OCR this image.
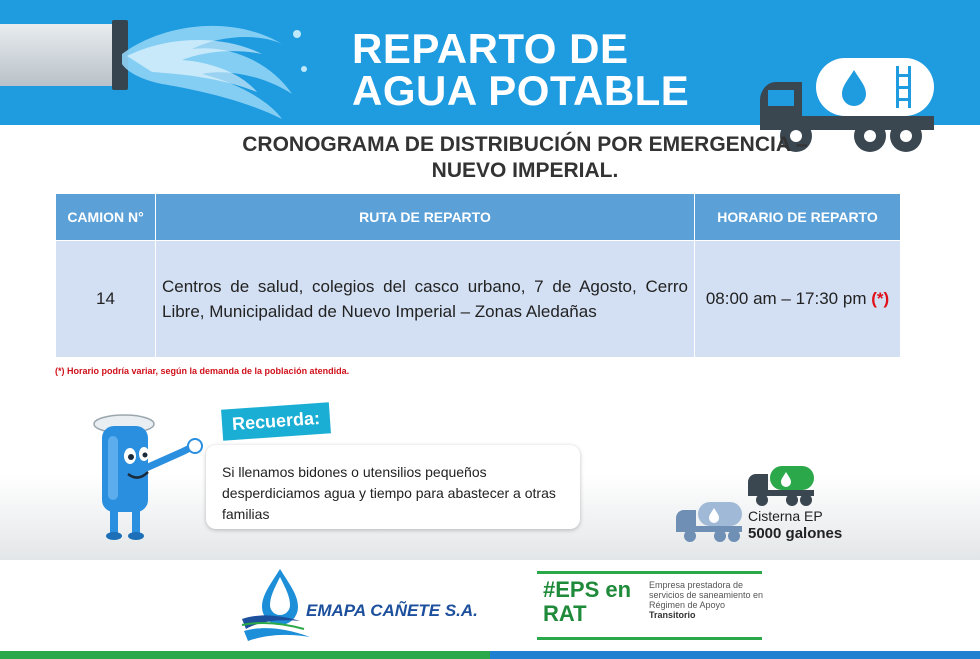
REPARTO DE
AGUA POTABLE
CRONOGRAMA DE DISTRIBUCIÓN POR EMERGENCIA –
NUEVO IMPERIAL.
CAMION N°	RUTA DE REPARTO	HORARIO DE REPARTO
14	Centros de salud, colegios del casco urbano, 7 de Agosto, Cerro Libre, Municipalidad de Nuevo Imperial – Zonas Aledañas	08:00 am – 17:30 pm (*)
(*) Horario podría variar, según la demanda de la población atendida.
Recuerda:
Si llenamos bidones o utensilios pequeños desperdiciamos agua y tiempo para abastecer a otras familias	Cisterna EP
5000 galones
EMAPA CAÑETE S.A.
#EPS en
RAT
Empresa prestadora de servicios de saneamiento en Régimen de Apoyo Transitorio
